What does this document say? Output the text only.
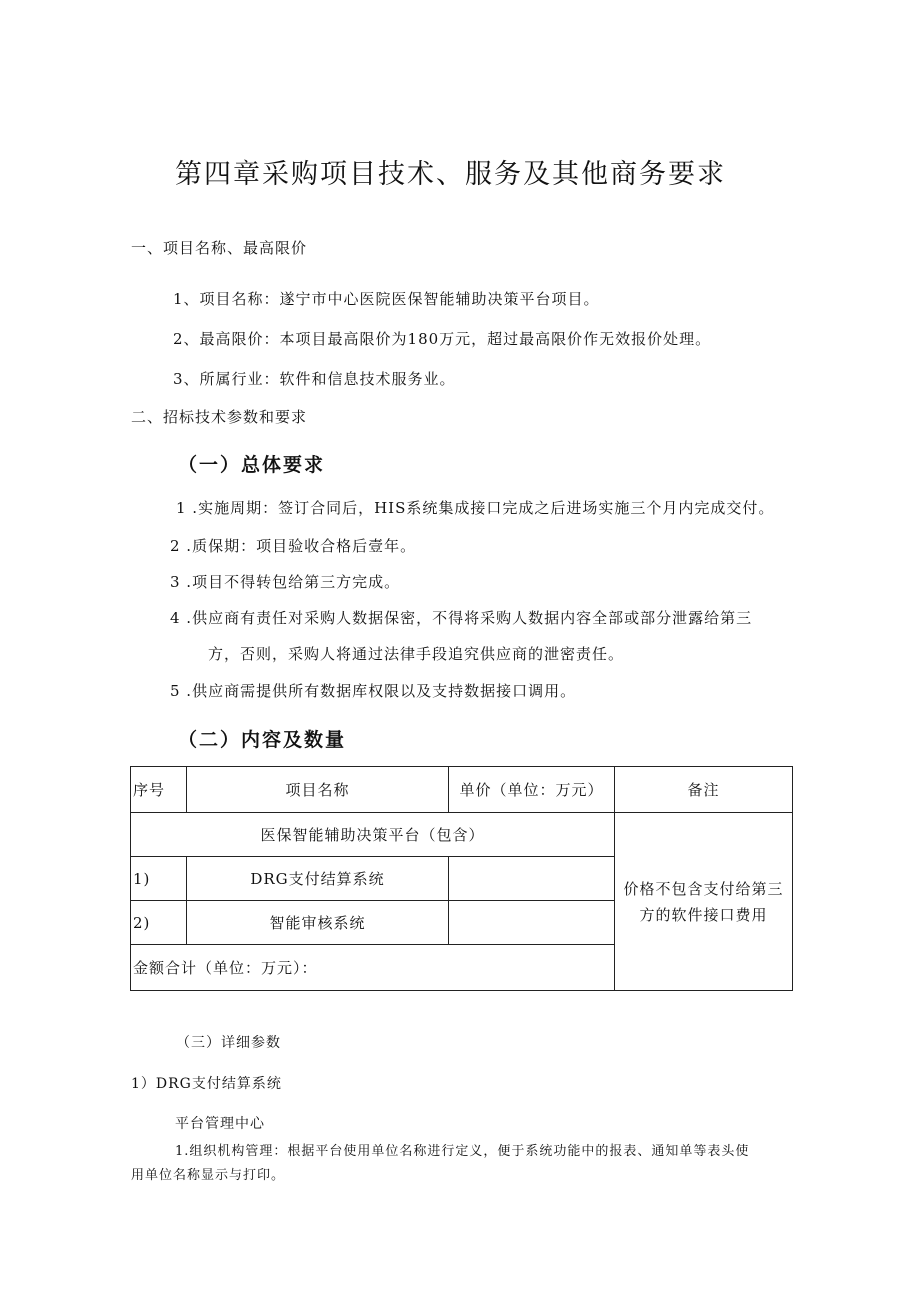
第四章采购项目技术、服务及其他商务要求
一、项目名称、最高限价
1、项目名称：遂宁市中心医院医保智能辅助决策平台项目。
2、最高限价：本项目最高限价为180万元，超过最高限价作无效报价处理。
3、所属行业：软件和信息技术服务业。
二、招标技术参数和要求
（一）总体要求
1 .实施周期：签订合同后，HIS系统集成接口完成之后进场实施三个月内完成交付。
2 .质保期：项目验收合格后壹年。
3 .项目不得转包给第三方完成。
4 .供应商有责任对采购人数据保密，不得将采购人数据内容全部或部分泄露给第三
方，否则，采购人将通过法律手段追究供应商的泄密责任。
5 .供应商需提供所有数据库权限以及支持数据接口调用。
（二）内容及数量
序号	项目名称	单价（单位：万元）	备注
医保智能辅助决策平台（包含）			价格不包含支付给第三方的软件接口费用
1)	DRG支付结算系统		
2)	智能审核系统		
金额合计（单位：万元）：			
（三）详细参数
1）DRG支付结算系统
平台管理中心
1.组织机构管理：根据平台使用单位名称进行定义，便于系统功能中的报表、通知单等表头使
用单位名称显示与打印。
